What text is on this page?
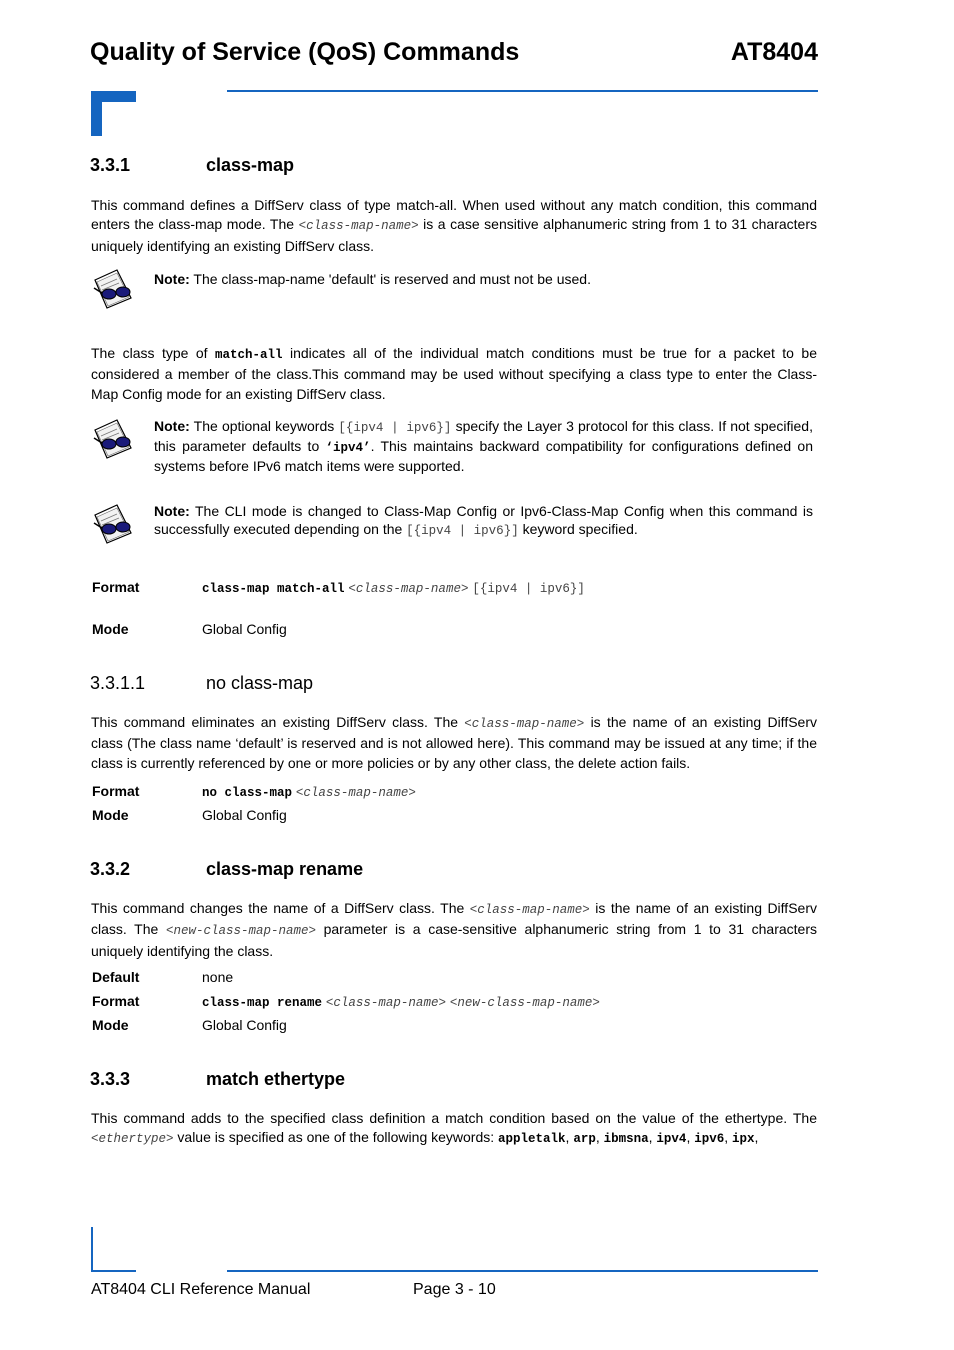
Quality of Service (QoS) Commands	AT8404
3.3.1	class-map
This command defines a DiffServ class of type match-all. When used without any match condition, this command enters the class-map mode. The <class-map-name> is a case sensitive alphanumeric string from 1 to 31 characters uniquely identifying an existing DiffServ class.
Note: The class-map-name 'default' is reserved and must not be used.
The class type of match-all indicates all of the individual match conditions must be true for a packet to be considered a member of the class.This command may be used without specifying a class type to enter the Class-Map Config mode for an existing DiffServ class.
Note: The optional keywords [{ipv4 | ipv6}] specify the Layer 3 protocol for this class. If not specified, this parameter defaults to ‘ipv4’. This maintains backward compatibility for configurations defined on systems before IPv6 match items were supported.
Note: The CLI mode is changed to Class-Map Config or Ipv6-Class-Map Config when this command is successfully executed depending on the [{ipv4 | ipv6}] keyword specified.
Format	class-map match-all <class-map-name> [{ipv4 | ipv6}]
Mode	Global Config
3.3.1.1	no class-map
This command eliminates an existing DiffServ class. The <class-map-name> is the name of an existing DiffServ class (The class name ‘default’ is reserved and is not allowed here). This command may be issued at any time; if the class is currently referenced by one or more policies or by any other class, the delete action fails.
Format	no class-map <class-map-name>
Mode	Global Config
3.3.2	class-map rename
This command changes the name of a DiffServ class. The <class-map-name> is the name of an existing DiffServ class. The <new-class-map-name> parameter is a case-sensitive alphanumeric string from 1 to 31 characters uniquely identifying the class.
Default	none
Format	class-map rename <class-map-name> <new-class-map-name>
Mode	Global Config
3.3.3	match ethertype
This command adds to the specified class definition a match condition based on the value of the ethertype. The <ethertype> value is specified as one of the following keywords: appletalk, arp, ibmsna, ipv4, ipv6, ipx,
AT8404 CLI Reference Manual	Page 3 - 10
